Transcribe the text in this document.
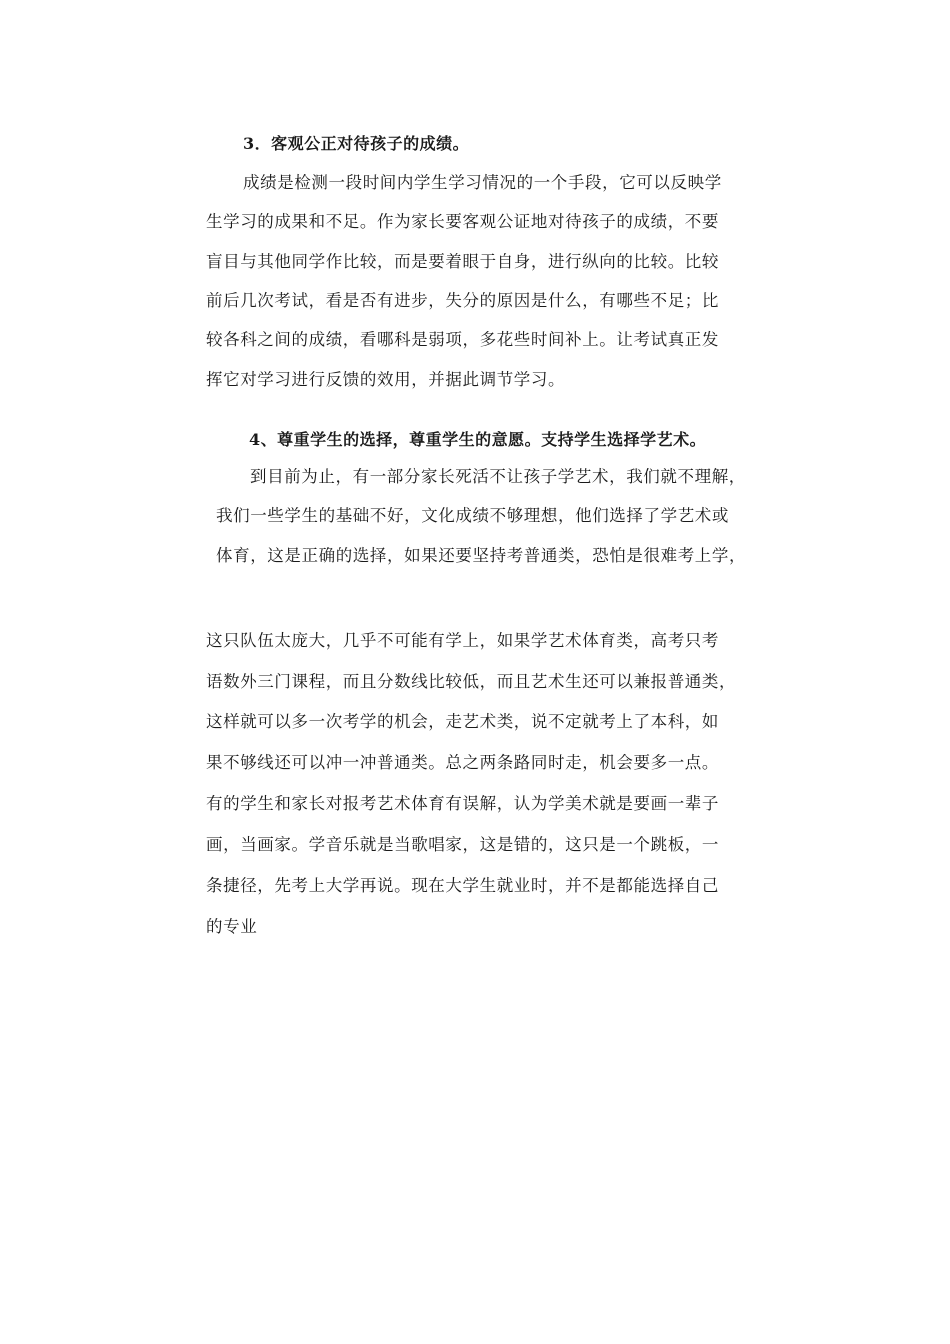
3．客观公正对待孩子的成绩。
成绩是检测一段时间内学生学习情况的一个手段，它可以反映学
生学习的成果和不足。作为家长要客观公证地对待孩子的成绩，不要
盲目与其他同学作比较，而是要着眼于自身，进行纵向的比较。比较
前后几次考试，看是否有进步，失分的原因是什么，有哪些不足；比
较各科之间的成绩，看哪科是弱项，多花些时间补上。让考试真正发
挥它对学习进行反馈的效用，并据此调节学习。
4、尊重学生的选择，尊重学生的意愿。支持学生选择学艺术。
到目前为止，有一部分家长死活不让孩子学艺术，我们就不理解，
我们一些学生的基础不好，文化成绩不够理想，他们选择了学艺术或
体育，这是正确的选择，如果还要坚持考普通类，恐怕是很难考上学，
这只队伍太庞大，几乎不可能有学上，如果学艺术体育类，高考只考
语数外三门课程，而且分数线比较低，而且艺术生还可以兼报普通类，
这样就可以多一次考学的机会，走艺术类，说不定就考上了本科，如
果不够线还可以冲一冲普通类。总之两条路同时走，机会要多一点。
有的学生和家长对报考艺术体育有误解，认为学美术就是要画一辈子
画，当画家。学音乐就是当歌唱家，这是错的，这只是一个跳板，一
条捷径，先考上大学再说。现在大学生就业时，并不是都能选择自己
的专业
